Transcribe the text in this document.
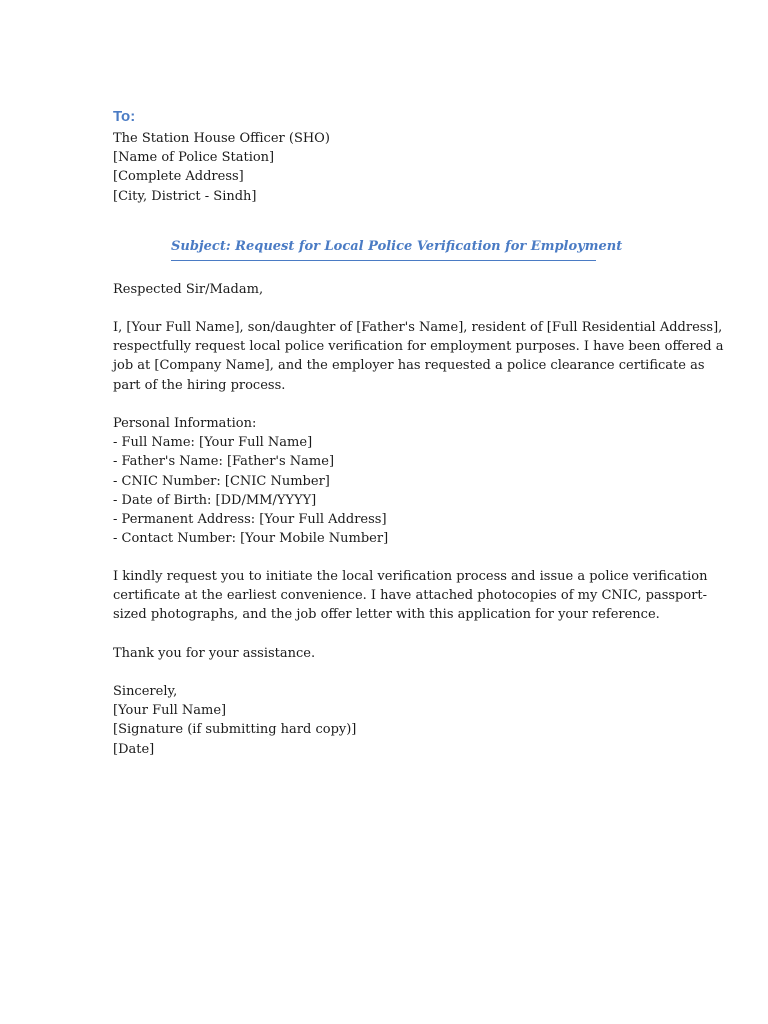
To:
The Station House Officer (SHO)
[Name of Police Station]
[Complete Address]
[City, District - Sindh]
Subject: Request for Local Police Verification for Employment
Respected Sir/Madam,
I, [Your Full Name], son/daughter of [Father's Name], resident of [Full Residential Address],
respectfully request local police verification for employment purposes. I have been offered a
job at [Company Name], and the employer has requested a police clearance certificate as
part of the hiring process.
Personal Information:
- Full Name: [Your Full Name]
- Father's Name: [Father's Name]
- CNIC Number: [CNIC Number]
- Date of Birth: [DD/MM/YYYY]
- Permanent Address: [Your Full Address]
- Contact Number: [Your Mobile Number]
I kindly request you to initiate the local verification process and issue a police verification
certificate at the earliest convenience. I have attached photocopies of my CNIC, passport-
sized photographs, and the job offer letter with this application for your reference.
Thank you for your assistance.
Sincerely,
[Your Full Name]
[Signature (if submitting hard copy)]
[Date]
